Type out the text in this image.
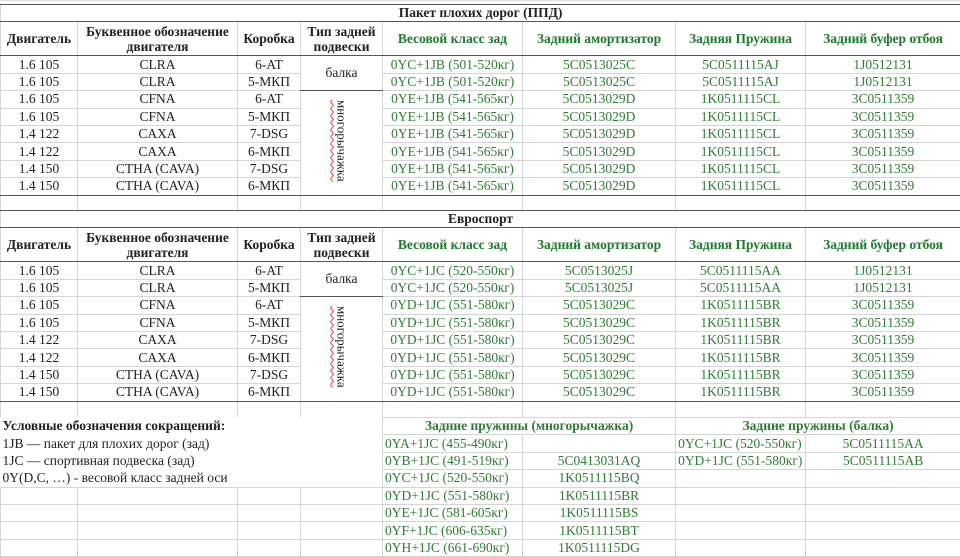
Пакет плохих дорог (ППД)							
Двигатель	Буквенное обозначение двигателя	Коробка	Тип задней подвески	Весовой класс зад	Задний амортизатор	Задняя Пружина	Задний буфер отбоя
1.6 105	CLRA	6-AT	балка	0YC+1JB (501-520кг)	5C0513025C	5C0511115AJ	1J0512131
1.6 105	CLRA	5-МКП		0YC+1JB (501-520кг)	5C0513025C	5C0511115AJ	1J0512131
1.6 105	CFNA	6-AT	многорычажка	0YE+1JB (541-565кг)	5C0513029D	1K0511115CL	3C0511359
1.6 105	CFNA	5-МКП		0YE+1JB (541-565кг)	5C0513029D	1K0511115CL	3C0511359
1.4 122	CAXA	7-DSG		0YE+1JB (541-565кг)	5C0513029D	1K0511115CL	3C0511359
1.4 122	CAXA	6-МКП		0YE+1JB (541-565кг)	5C0513029D	1K0511115CL	3C0511359
1.4 150	CTHA (CAVA)	7-DSG		0YE+1JB (541-565кг)	5C0513029D	1K0511115CL	3C0511359
1.4 150	CTHA (CAVA)	6-МКП		0YE+1JB (541-565кг)	5C0513029D	1K0511115CL	3C0511359

Евроспорт							
Двигатель	Буквенное обозначение двигателя	Коробка	Тип задней подвески	Весовой класс зад	Задний амортизатор	Задняя Пружина	Задний буфер отбоя
1.6 105	CLRA	6-AT	балка	0YC+1JC (520-550кг)	5C0513025J	5C0511115AA	1J0512131
1.6 105	CLRA	5-МКП		0YC+1JC (520-550кг)	5C0513025J	5C0511115AA	1J0512131
1.6 105	CFNA	6-AT	многорычажка	0YD+1JC (551-580кг)	5C0513029C	1K0511115BR	3C0511359
1.6 105	CFNA	5-МКП		0YD+1JC (551-580кг)	5C0513029C	1K0511115BR	3C0511359
1.4 122	CAXA	7-DSG		0YD+1JC (551-580кг)	5C0513029C	1K0511115BR	3C0511359
1.4 122	CAXA	6-МКП		0YD+1JC (551-580кг)	5C0513029C	1K0511115BR	3C0511359
1.4 150	CTHA (CAVA)	7-DSG		0YD+1JC (551-580кг)	5C0513029C	1K0511115BR	3C0511359
1.4 150	CTHA (CAVA)	6-МКП		0YD+1JC (551-580кг)	5C0513029C	1K0511115BR	3C0511359

Условные обозначения сокращений:				Задние пружины (многорычажка)		Задние пружины (балка)	
1JB — пакет для плохих дорог (зад)				0YA+1JC (455-490кг)		0YC+1JC (520-550кг)	5C0511115AA
1JC — спортивная подвеска (зад)				0YB+1JC (491-519кг)	5C0413031AQ	0YD+1JC (551-580кг)	5C0511115AB
0Y(D,C, …) - весовой класс задней оси				0YC+1JC (520-550кг)	1K0511115BQ		
				0YD+1JC (551-580кг)	1K0511115BR		
				0YE+1JC (581-605кг)	1K0511115BS		
				0YF+1JC (606-635кг)	1K0511115BT		
				0YH+1JC (661-690кг)	1K0511115DG		
